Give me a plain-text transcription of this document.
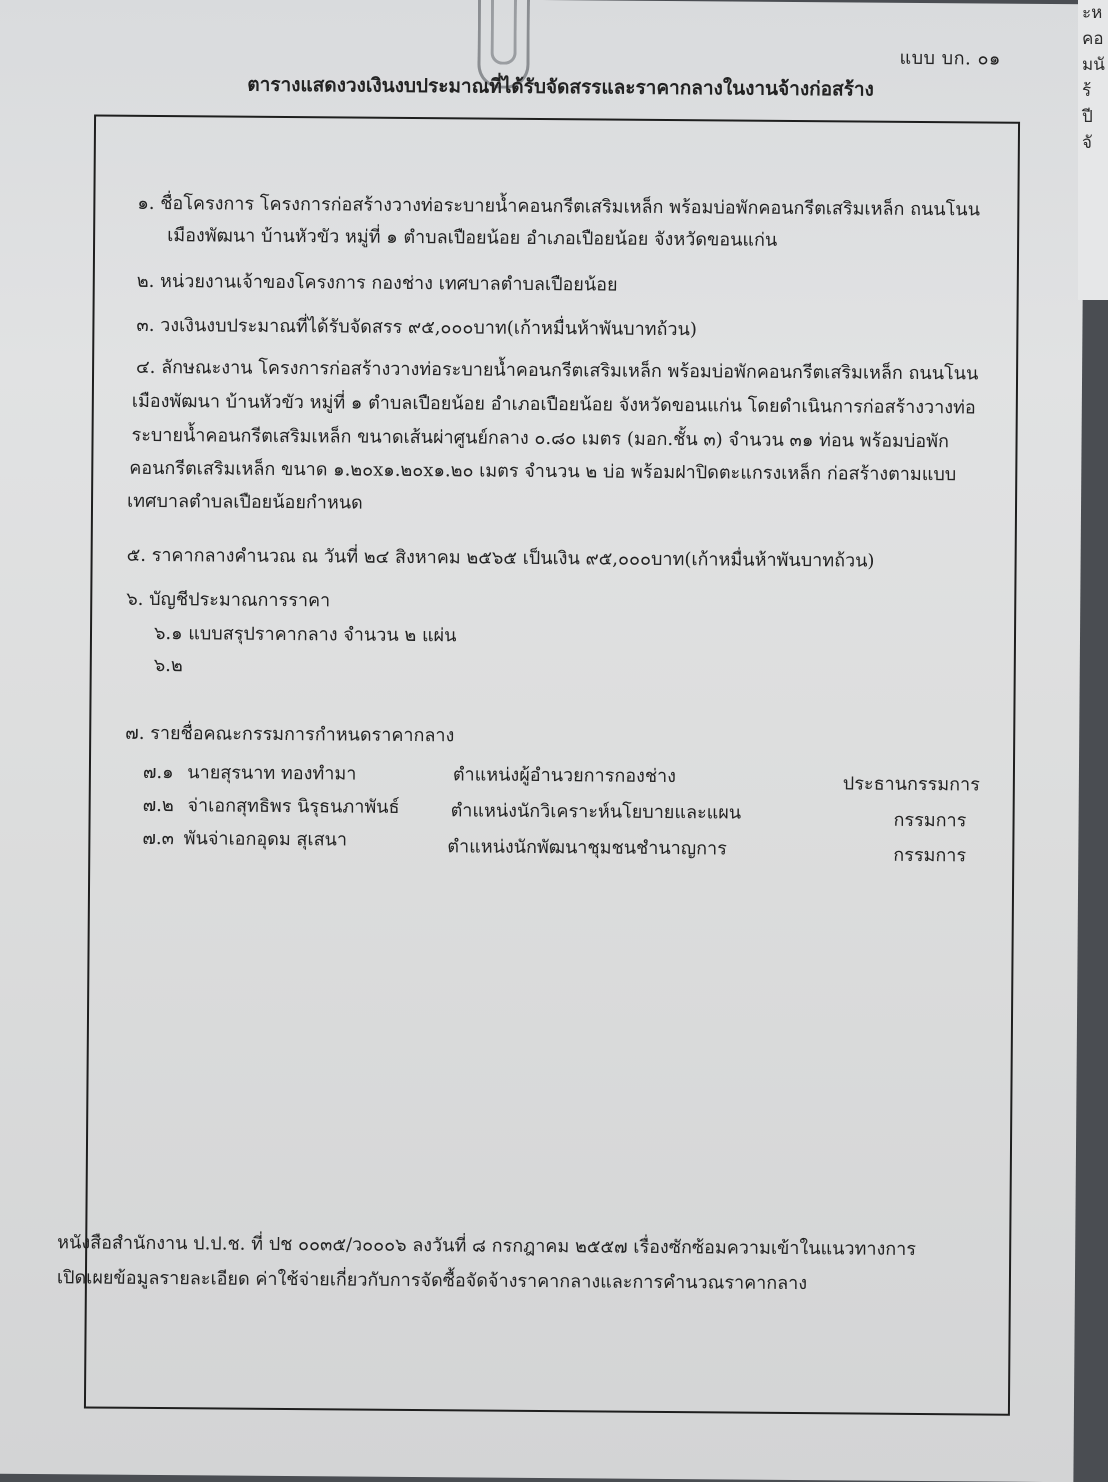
แบบ บก. ๐๑
ตารางแสดงวงเงินงบประมาณที่ได้รับจัดสรรและราคากลางในงานจ้างก่อสร้าง
๑. ชื่อโครงการ โครงการก่อสร้างวางท่อระบายน้ำคอนกรีตเสริมเหล็ก พร้อมบ่อพักคอนกรีตเสริมเหล็ก ถนนโนน
เมืองพัฒนา บ้านหัวขัว หมู่ที่ ๑ ตำบลเปือยน้อย อำเภอเปือยน้อย จังหวัดขอนแก่น
๒. หน่วยงานเจ้าของโครงการ กองช่าง เทศบาลตำบลเปือยน้อย
๓. วงเงินงบประมาณที่ได้รับจัดสรร ๙๕,๐๐๐บาท(เก้าหมื่นห้าพันบาทถ้วน)
๔. ลักษณะงาน โครงการก่อสร้างวางท่อระบายน้ำคอนกรีตเสริมเหล็ก พร้อมบ่อพักคอนกรีตเสริมเหล็ก ถนนโนน
เมืองพัฒนา บ้านหัวขัว หมู่ที่ ๑ ตำบลเปือยน้อย อำเภอเปือยน้อย จังหวัดขอนแก่น โดยดำเนินการก่อสร้างวางท่อ
ระบายน้ำคอนกรีตเสริมเหล็ก ขนาดเส้นผ่าศูนย์กลาง ๐.๘๐ เมตร (มอก.ชั้น ๓) จำนวน ๓๑ ท่อน พร้อมบ่อพัก
คอนกรีตเสริมเหล็ก ขนาด ๑.๒๐x๑.๒๐x๑.๒๐ เมตร จำนวน ๒ บ่อ พร้อมฝาปิดตะแกรงเหล็ก ก่อสร้างตามแบบ
เทศบาลตำบลเปือยน้อยกำหนด
๕. ราคากลางคำนวณ ณ วันที่ ๒๔ สิงหาคม ๒๕๖๕ เป็นเงิน ๙๕,๐๐๐บาท(เก้าหมื่นห้าพันบาทถ้วน)
๖. บัญชีประมาณการราคา
๖.๑ แบบสรุปราคากลาง จำนวน ๒ แผ่น
๖.๒
๗. รายชื่อคณะกรรมการกำหนดราคากลาง
๗.๑ นายสุรนาท ทองทำมา	ตำแหน่งผู้อำนวยการกองช่าง	ประธานกรรมการ
๗.๒ จ่าเอกสุทธิพร นิรุธนภาพันธ์	ตำแหน่งนักวิเคราะห์นโยบายและแผน	กรรมการ
๗.๓ พันจ่าเอกอุดม สุเสนา	ตำแหน่งนักพัฒนาชุมชนชำนาญการ	กรรมการ
หนังสือสำนักงาน ป.ป.ช. ที่ ปช ๐๐๓๕/ว๐๐๐๖ ลงวันที่ ๘ กรกฎาคม ๒๕๕๗ เรื่องซักซ้อมความเข้าในแนวทางการ
เปิดเผยข้อมูลรายละเอียด ค่าใช้จ่ายเกี่ยวกับการจัดซื้อจัดจ้างราคากลางและการคำนวณราคากลาง
ะห
คอ
มนั
ร้
ปี
จั
